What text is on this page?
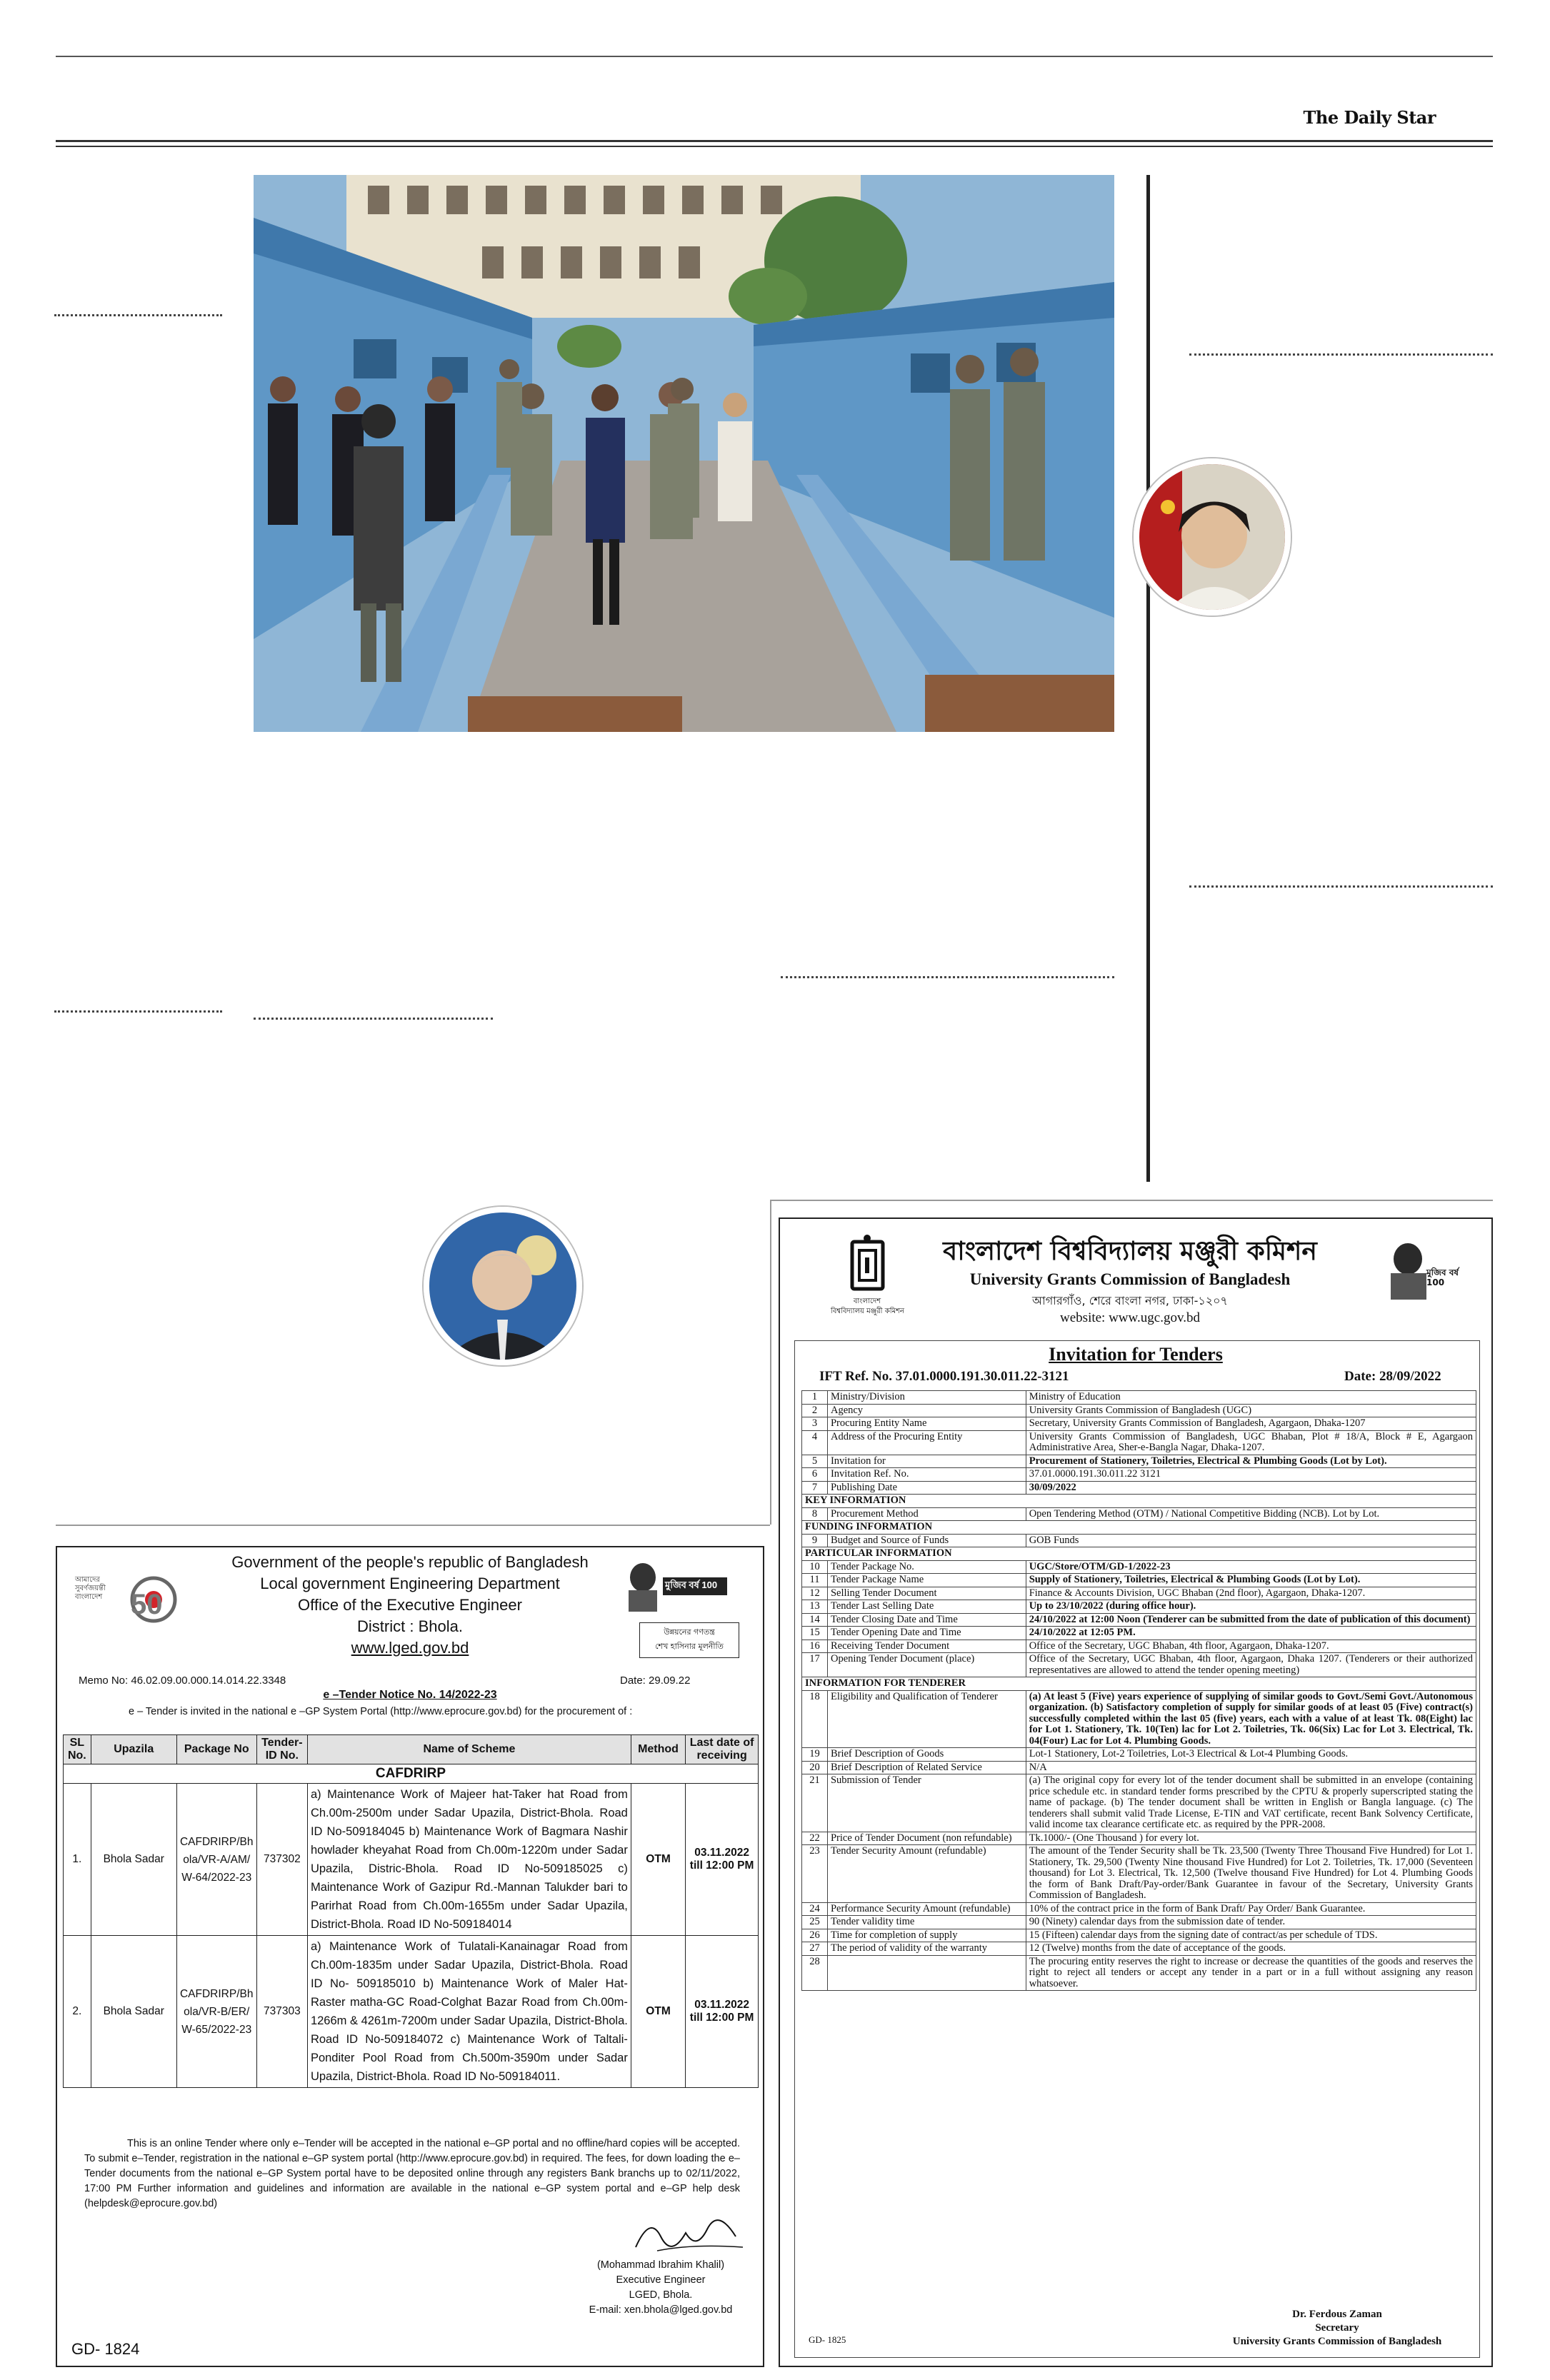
The Daily Star
50
আমাদের সুবর্ণজয়ন্তী বাংলাদেশ
Government of the people's republic of Bangladesh
Local government Engineering Department
Office of the Executive Engineer
District : Bhola.
www.lged.gov.bd
মুজিব বর্ষ 100
উন্নয়নের গণতন্ত্র
শেখ হাসিনার মূলনীতি
Memo No: 46.02.09.00.000.14.014.22.3348	Date: 29.09.22
e –Tender Notice No. 14/2022-23
e – Tender is invited in the national e –GP System Portal (http://www.eprocure.gov.bd) for the procurement of :
SL No.	Upazila	Package No	Tender-ID No.	Name of Scheme	Method	Last date of receiving
CAFDRIRP						
1.	Bhola Sadar	CAFDRIRP/Bhola/VR-A/AM/W-64/2022-23	737302	a) Maintenance Work of Majeer hat-Taker hat Road from Ch.00m-2500m under Sadar Upazila, District-Bhola. Road ID No-509184045 b) Maintenance Work of Bagmara Nashir howlader kheyahat Road from Ch.00m-1220m under Sadar Upazila, Distric-Bhola. Road ID No-509185025 c) Maintenance Work of Gazipur Rd.-Mannan Talukder bari to Parirhat Road from Ch.00m-1655m under Sadar Upazila, District-Bhola. Road ID No-509184014	OTM	03.11.2022 till 12:00 PM
2.	Bhola Sadar	CAFDRIRP/Bhola/VR-B/ER/W-65/2022-23	737303	a) Maintenance Work of Tulatali-Kanainagar Road from Ch.00m-1835m under Sadar Upazila, District-Bhola. Road ID No- 509185010 b) Maintenance Work of Maler Hat-Raster matha-GC Road-Colghat Bazar Road from Ch.00m-1266m & 4261m-7200m under Sadar Upazila, District-Bhola. Road ID No-509184072 c) Maintenance Work of Taltali-Ponditer Pool Road from Ch.500m-3590m under Sadar Upazila, District-Bhola. Road ID No-509184011.	OTM	03.11.2022 till 12:00 PM
This is an online Tender where only e–Tender will be accepted in the national e–GP portal and no offline/hard copies will be accepted. To submit e–Tender, registration in the national e–GP system portal (http://www.eprocure.gov.bd) in required. The fees, for down loading the e–Tender documents from the national e–GP System portal have to be deposited online through any registers Bank branchs up to 02/11/2022, 17:00 PM Further information and guidelines and information are available in the national e–GP system portal and e–GP help desk (helpdesk@eprocure.gov.bd)
(Mohammad Ibrahim Khalil)
Executive Engineer
LGED, Bhola.
E-mail: xen.bhola@lged.gov.bd
GD- 1824
বাংলাদেশ
বিশ্ববিদ্যালয় মঞ্জুরী কমিশন
বাংলাদেশ বিশ্ববিদ্যালয় মঞ্জুরী কমিশন
University Grants Commission of Bangladesh
আগারগাঁও, শেরে বাংলা নগর, ঢাকা-১২০৭
website: www.ugc.gov.bd
মুজিব বর্ষ 100
Invitation for Tenders
IFT Ref. No. 37.01.0000.191.30.011.22-3121	Date: 28/09/2022
1	Ministry/Division	Ministry of Education
2	Agency	University Grants Commission of Bangladesh (UGC)
3	Procuring Entity Name	Secretary, University Grants Commission of Bangladesh, Agargaon, Dhaka-1207
4	Address of the Procuring Entity	University Grants Commission of Bangladesh, UGC Bhaban, Plot # 18/A, Block # E, Agargaon Administrative Area, Sher-e-Bangla Nagar, Dhaka-1207.
5	Invitation for	Procurement of Stationery, Toiletries, Electrical & Plumbing Goods (Lot by Lot).
6	Invitation Ref. No.	37.01.0000.191.30.011.22 3121
7	Publishing Date	30/09/2022
KEY INFORMATION		
8	Procurement Method	Open Tendering Method (OTM) / National Competitive Bidding (NCB). Lot by Lot.
FUNDING INFORMATION		
9	Budget and Source of Funds	GOB Funds
PARTICULAR INFORMATION		
10	Tender Package No.	UGC/Store/OTM/GD-1/2022-23
11	Tender Package Name	Supply of Stationery, Toiletries, Electrical & Plumbing Goods (Lot by Lot).
12	Selling Tender Document	Finance & Accounts Division, UGC Bhaban (2nd floor), Agargaon, Dhaka-1207.
13	Tender Last Selling Date	Up to 23/10/2022 (during office hour).
14	Tender Closing Date and Time	24/10/2022 at 12:00 Noon (Tenderer can be submitted from the date of publication of this document)
15	Tender Opening Date and Time	24/10/2022 at 12:05 PM.
16	Receiving Tender Document	Office of the Secretary, UGC Bhaban, 4th floor, Agargaon, Dhaka-1207.
17	Opening Tender Document (place)	Office of the Secretary, UGC Bhaban, 4th floor, Agargaon, Dhaka 1207. (Tenderers or their authorized representatives are allowed to attend the tender opening meeting)
INFORMATION FOR TENDERER		
18	Eligibility and Qualification of Tenderer	(a) At least 5 (Five) years experience of supplying of similar goods to Govt./Semi Govt./Autonomous organization. (b) Satisfactory completion of supply for similar goods of at least 05 (Five) contract(s) successfully completed within the last 05 (five) years, each with a value of at least Tk. 08(Eight) lac for Lot 1. Stationery, Tk. 10(Ten) lac for Lot 2. Toiletries, Tk. 06(Six) Lac for Lot 3. Electrical, Tk. 04(Four) Lac for Lot 4. Plumbing Goods.
19	Brief Description of Goods	Lot-1 Stationery, Lot-2 Toiletries, Lot-3 Electrical & Lot-4 Plumbing Goods.
20	Brief Description of Related Service	N/A
21	Submission of Tender	(a) The original copy for every lot of the tender document shall be submitted in an envelope (containing price schedule etc. in standard tender forms prescribed by the CPTU & properly superscripted stating the name of package. (b) The tender document shall be written in English or Bangla language. (c) The tenderers shall submit valid Trade License, E-TIN and VAT certificate, recent Bank Solvency Certificate, valid income tax clearance certificate etc. as required by the PPR-2008.
22	Price of Tender Document (non refundable)	Tk.1000/- (One Thousand ) for every lot.
23	Tender Security Amount (refundable)	The amount of the Tender Security shall be Tk. 23,500 (Twenty Three Thousand Five Hundred) for Lot 1. Stationery, Tk. 29,500 (Twenty Nine thousand Five Hundred) for Lot 2. Toiletries, Tk. 17,000 (Seventeen thousand) for Lot 3. Electrical, Tk. 12,500 (Twelve thousand Five Hundred) for Lot 4. Plumbing Goods the form of Bank Draft/Pay-order/Bank Guarantee in favour of the Secretary, University Grants Commission of Bangladesh.
24	Performance Security Amount (refundable)	10% of the contract price in the form of Bank Draft/ Pay Order/ Bank Guarantee.
25	Tender validity time	90 (Ninety) calendar days from the submission date of tender.
26	Time for completion of supply	15 (Fifteen) calendar days from the signing date of contract/as per schedule of TDS.
27	The period of validity of the warranty	12 (Twelve) months from the date of acceptance of the goods.
28		The procuring entity reserves the right to increase or decrease the quantities of the goods and reserves the right to reject all tenders or accept any tender in a part or in a full without assigning any reason whatsoever.
Dr. Ferdous Zaman
Secretary
University Grants Commission of Bangladesh
GD- 1825
